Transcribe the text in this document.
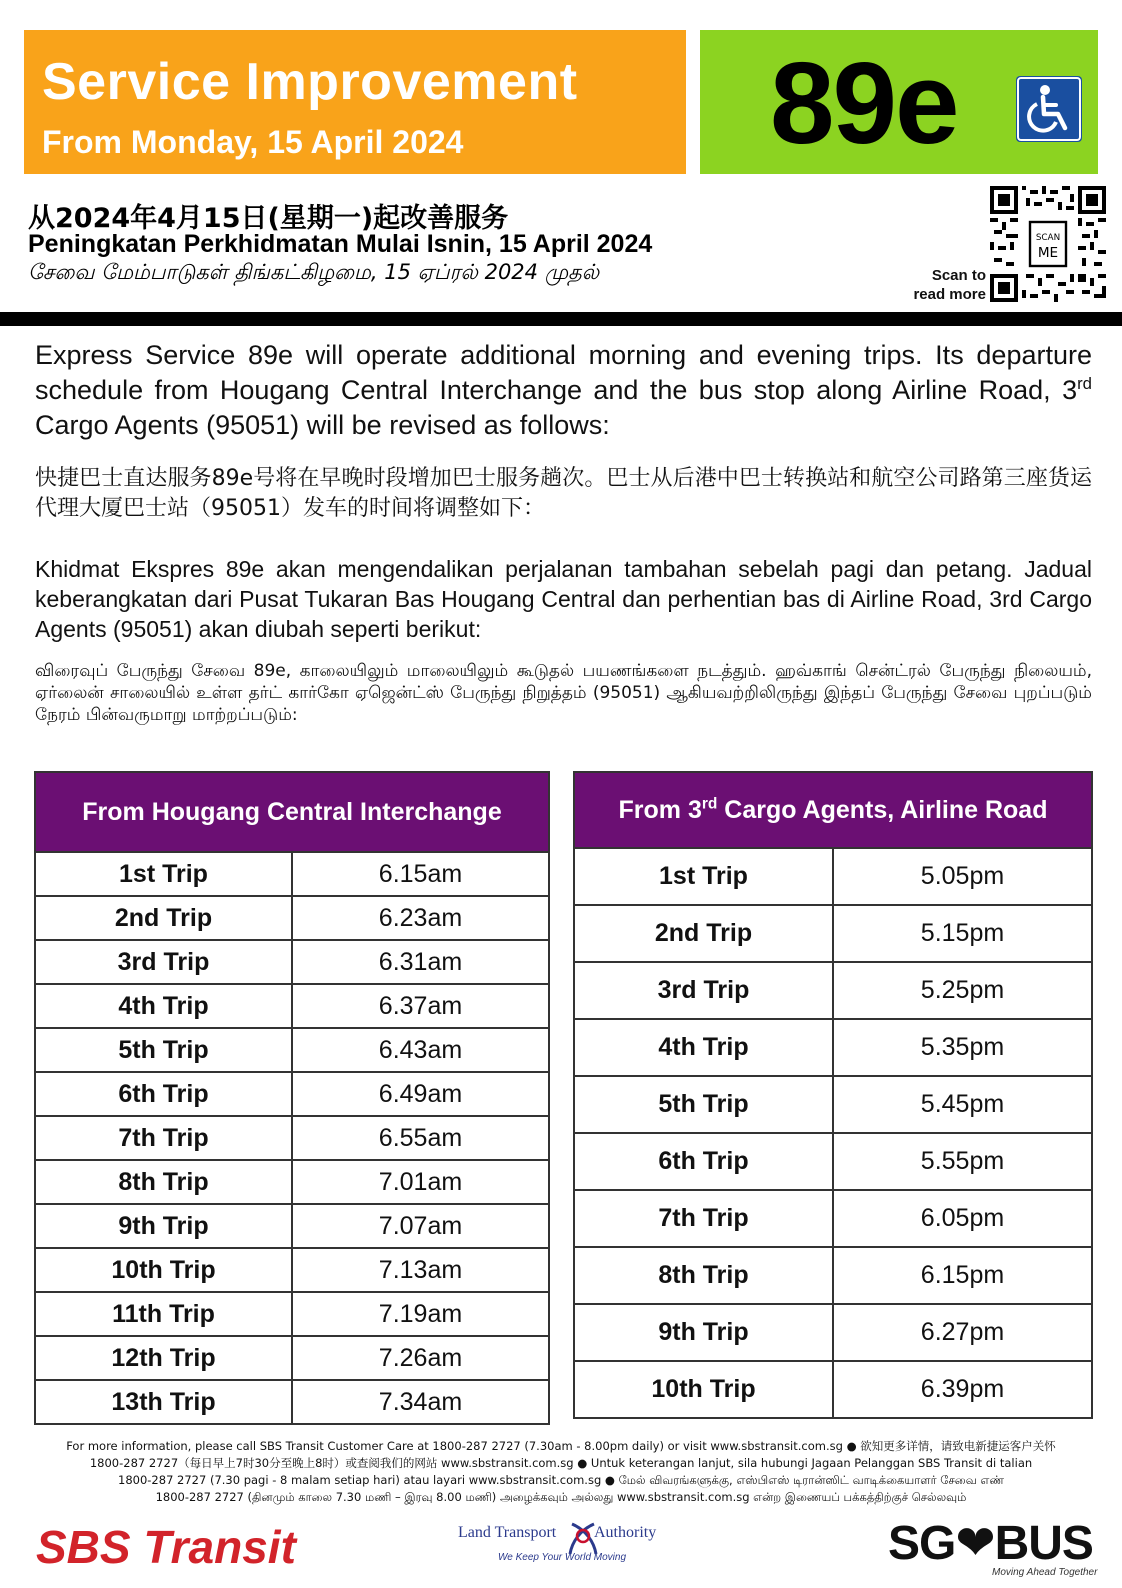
Service Improvement
From Monday, 15 April 2024	89e
从2024年4月15日(星期一)起改善服务
Peningkatan Perkhidmatan Mulai Isnin, 15 April 2024
சேவை மேம்பாடுகள் திங்கட்கிழமை, 15 ஏப்ரல் 2024 முதல்	Scan to
read more
SCAN
ME
Express Service 89e will operate additional morning and evening trips. Its departure schedule from Hougang Central Interchange and the bus stop along Airline Road, 3rd Cargo Agents (95051) will be revised as follows:
快捷巴士直达服务89e号将在早晚时段增加巴士服务趟次。巴士从后港中巴士转换站和航空公司路第三座货运代理大厦巴士站（95051）发车的时间将调整如下：
Khidmat Ekspres 89e akan mengendalikan perjalanan tambahan sebelah pagi dan petang. Jadual keberangkatan dari Pusat Tukaran Bas Hougang Central dan perhentian bas di Airline Road, 3rd Cargo Agents (95051) akan diubah seperti berikut:
விரைவுப் பேருந்து சேவை 89e, காலையிலும் மாலையிலும் கூடுதல் பயணங்களை நடத்தும். ஹவ்காங் சென்ட்ரல் பேருந்து நிலையம், ஏர்லைன் சாலையில் உள்ள தர்ட் கார்கோ ஏஜென்ட்ஸ் பேருந்து நிறுத்தம் (95051) ஆகியவற்றிலிருந்து இந்தப் பேருந்து சேவை புறப்படும் நேரம் பின்வருமாறு மாற்றப்படும்:
From Hougang Central Interchange	
1st Trip	6.15am
2nd Trip	6.23am
3rd Trip	6.31am
4th Trip	6.37am
5th Trip	6.43am
6th Trip	6.49am
7th Trip	6.55am
8th Trip	7.01am
9th Trip	7.07am
10th Trip	7.13am
11th Trip	7.19am
12th Trip	7.26am
13th Trip	7.34am
From 3rd Cargo Agents, Airline Road	
1st Trip	5.05pm
2nd Trip	5.15pm
3rd Trip	5.25pm
4th Trip	5.35pm
5th Trip	5.45pm
6th Trip	5.55pm
7th Trip	6.05pm
8th Trip	6.15pm
9th Trip	6.27pm
10th Trip	6.39pm
For more information, please call SBS Transit Customer Care at 1800-287 2727 (7.30am - 8.00pm daily) or visit www.sbstransit.com.sg ● 欲知更多详情，请致电新捷运客户关怀
1800-287 2727（每日早上7时30分至晚上8时）或查阅我们的网站 www.sbstransit.com.sg ● Untuk keterangan lanjut, sila hubungi Jagaan Pelanggan SBS Transit di talian
1800-287 2727 (7.30 pagi - 8 malam setiap hari) atau layari www.sbstransit.com.sg ● மேல் விவரங்களுக்கு, எஸ்பிஎஸ் டிரான்ஸிட் வாடிக்கையாளர் சேவை எண்
1800-287 2727 (தினமும் காலை 7.30 மணி – இரவு 8.00 மணி) அழைக்கவும் அல்லது www.sbstransit.com.sg என்ற இணையப் பக்கத்திற்குச் செல்லவும்
SBS Transit	Land Transport Authority
We Keep Your World Moving	SG❤BUS
Moving Ahead Together
